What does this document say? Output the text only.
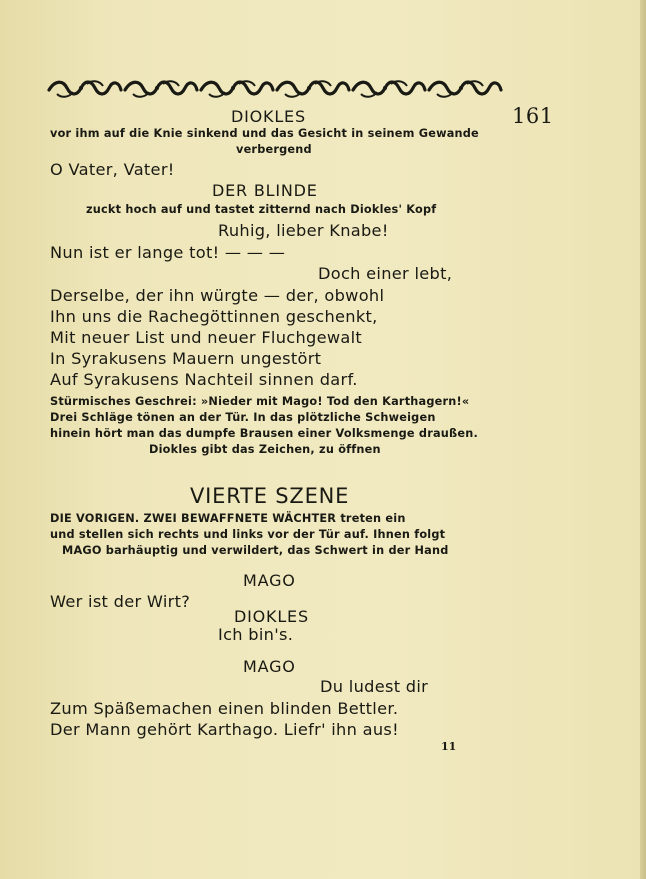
161
DIOKLES
vor ihm auf die Knie sinkend und das Gesicht in seinem Gewande
verbergend
O Vater, Vater!
DER BLINDE
zuckt hoch auf und tastet zitternd nach Diokles' Kopf
Ruhig, lieber Knabe!
Nun ist er lange tot! — — —
Doch einer lebt,
Derselbe, der ihn würgte — der, obwohl
Ihn uns die Rachegöttinnen geschenkt,
Mit neuer List und neuer Fluchgewalt
In Syrakusens Mauern ungestört
Auf Syrakusens Nachteil sinnen darf.
Stürmisches Geschrei: »Nieder mit Mago! Tod den Karthagern!«
Drei Schläge tönen an der Tür. In das plötzliche Schweigen
hinein hört man das dumpfe Brausen einer Volksmenge draußen.
Diokles gibt das Zeichen, zu öffnen
VIERTE SZENE
DIE VORIGEN. ZWEI BEWAFFNETE WÄCHTER treten ein
und stellen sich rechts und links vor der Tür auf. Ihnen folgt
MAGO barhäuptig und verwildert, das Schwert in der Hand
MAGO
Wer ist der Wirt?
DIOKLES
Ich bin's.
MAGO
Du ludest dir
Zum Späßemachen einen blinden Bettler.
Der Mann gehört Karthago. Liefr' ihn aus!
11
